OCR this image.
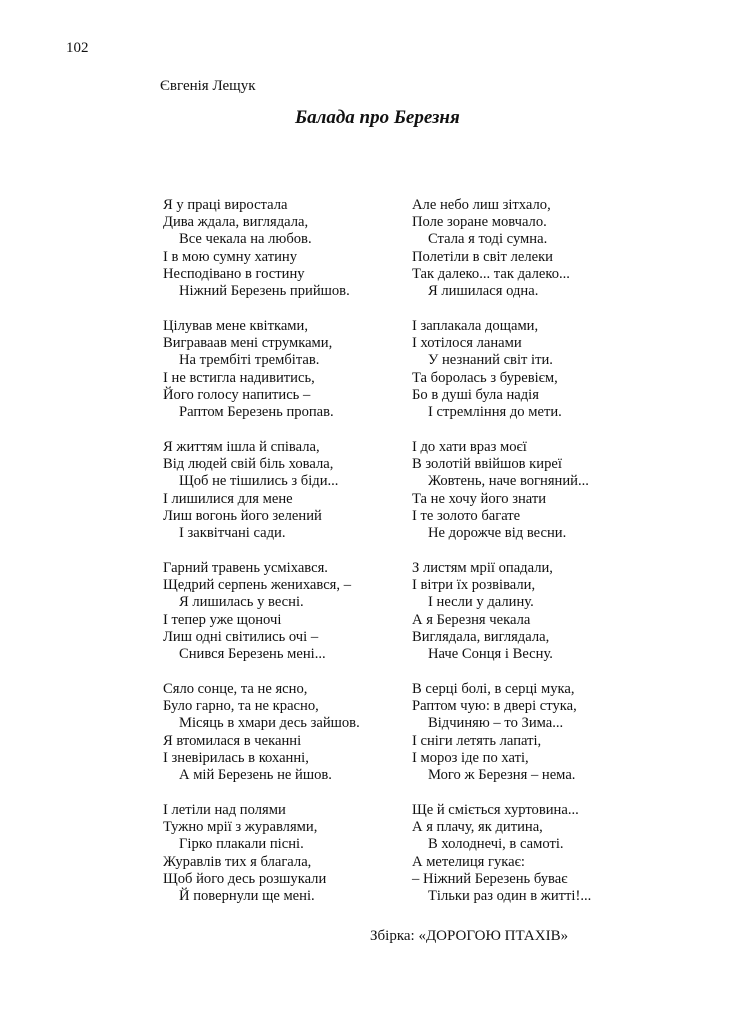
102
Євгенія Лещук
Балада про Березня
Я у праці виростала
Дива ждала, виглядала,
Все чекала на любов.
І в мою сумну хатину
Несподівано в гостину
Ніжний Березень прийшов.
Цілував мене квітками,
Виграваав мені струмками,
На трембіті трембітав.
І не встигла надивитись,
Його голосу напитись –
Раптом Березень пропав.
Я життям ішла й співала,
Від людей свій біль ховала,
Щоб не тішились з біди...
І лишилися для мене
Лиш вогонь його зелений
І заквітчані сади.
Гарний травень усміхався.
Щедрий серпень женихався, –
Я лишилась у весні.
І тепер уже щоночі
Лиш одні світились очі –
Снився Березень мені...
Сяло сонце, та не ясно,
Було гарно, та не красно,
Місяць в хмари десь зайшов.
Я втомилася в чеканні
І зневірилась в коханні,
А мій Березень не йшов.
І летіли над полями
Тужно мрії з журавлями,
Гірко плакали пісні.
Журавлів тих я благала,
Щоб його десь розшукали
Й повернули ще мені.
Але небо лиш зітхало,
Поле зоране мовчало.
Стала я тоді сумна.
Полетіли в світ лелеки
Так далеко... так далеко...
Я лишилася одна.
І заплакала дощами,
І хотілося ланами
У незнаний світ іти.
Та боролась з буревієм,
Бо в душі була надія
І стремління до мети.
І до хати враз моєї
В золотій ввійшов киреї
Жовтень, наче вогняний...
Та не хочу його знати
І те золото багате
Не дорожче від весни.
З листям мрії опадали,
І вітри їх розвівали,
І несли у далину.
А я Березня чекала
Виглядала, виглядала,
Наче Сонця і Весну.
В серці болі, в серці мука,
Раптом чую: в двері стука,
Відчиняю – то Зима...
І сніги летять лапаті,
І мороз іде по хаті,
Мого ж Березня – нема.
Ще й сміється хуртовина...
А я плачу, як дитина,
В холоднечі, в самоті.
А метелиця гукає:
– Ніжний Березень буває
Тільки раз один в житті!...
Збірка: «ДОРОГОЮ ПТАХІВ»
